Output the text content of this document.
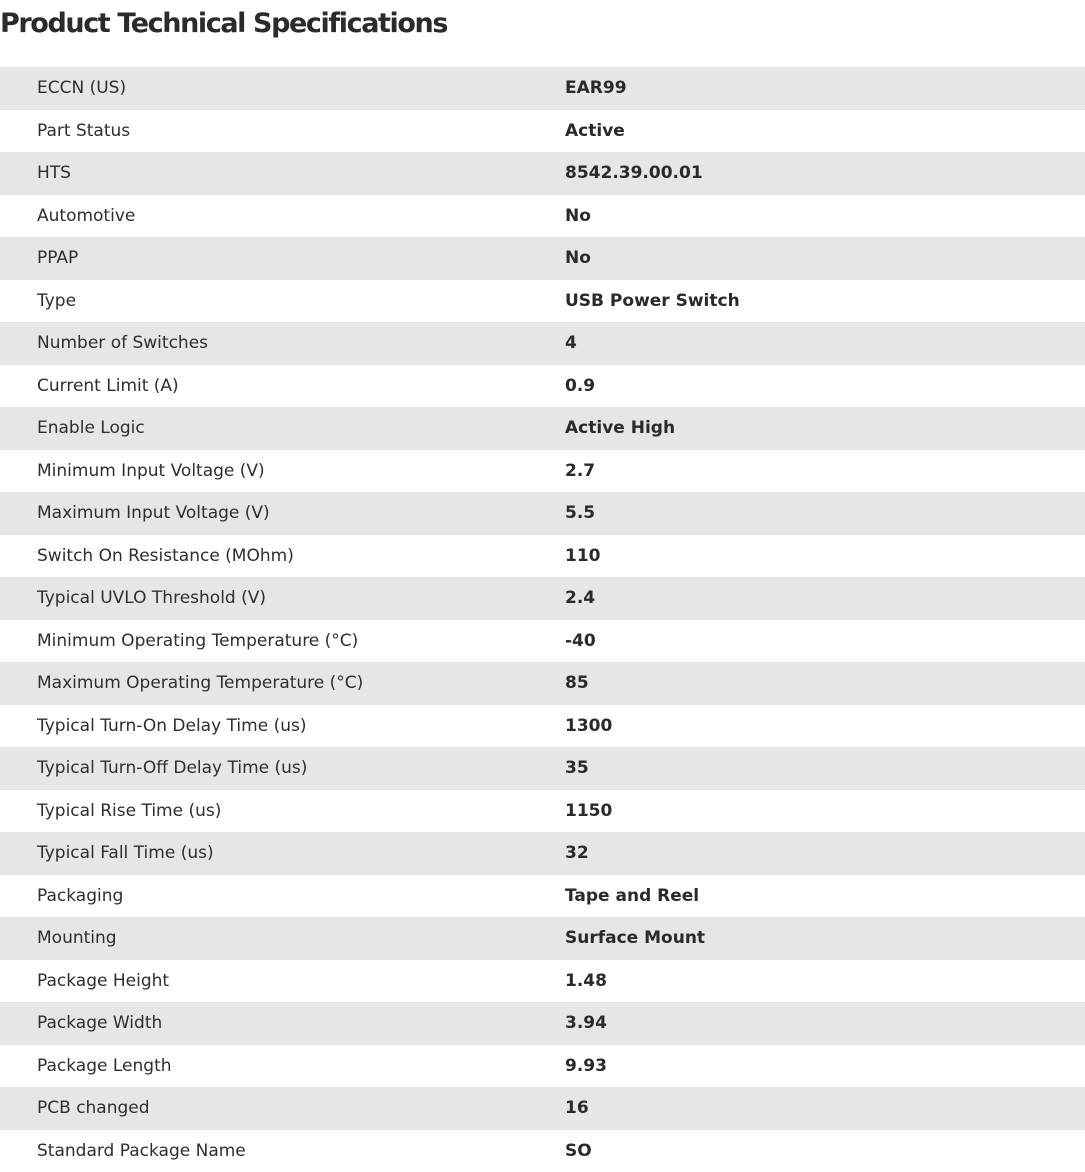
Product Technical Specifications
ECCN (US)	EAR99
Part Status	Active
HTS	8542.39.00.01
Automotive	No
PPAP	No
Type	USB Power Switch
Number of Switches	4
Current Limit (A)	0.9
Enable Logic	Active High
Minimum Input Voltage (V)	2.7
Maximum Input Voltage (V)	5.5
Switch On Resistance (MOhm)	110
Typical UVLO Threshold (V)	2.4
Minimum Operating Temperature (°C)	-40
Maximum Operating Temperature (°C)	85
Typical Turn-On Delay Time (us)	1300
Typical Turn-Off Delay Time (us)	35
Typical Rise Time (us)	1150
Typical Fall Time (us)	32
Packaging	Tape and Reel
Mounting	Surface Mount
Package Height	1.48
Package Width	3.94
Package Length	9.93
PCB changed	16
Standard Package Name	SO
